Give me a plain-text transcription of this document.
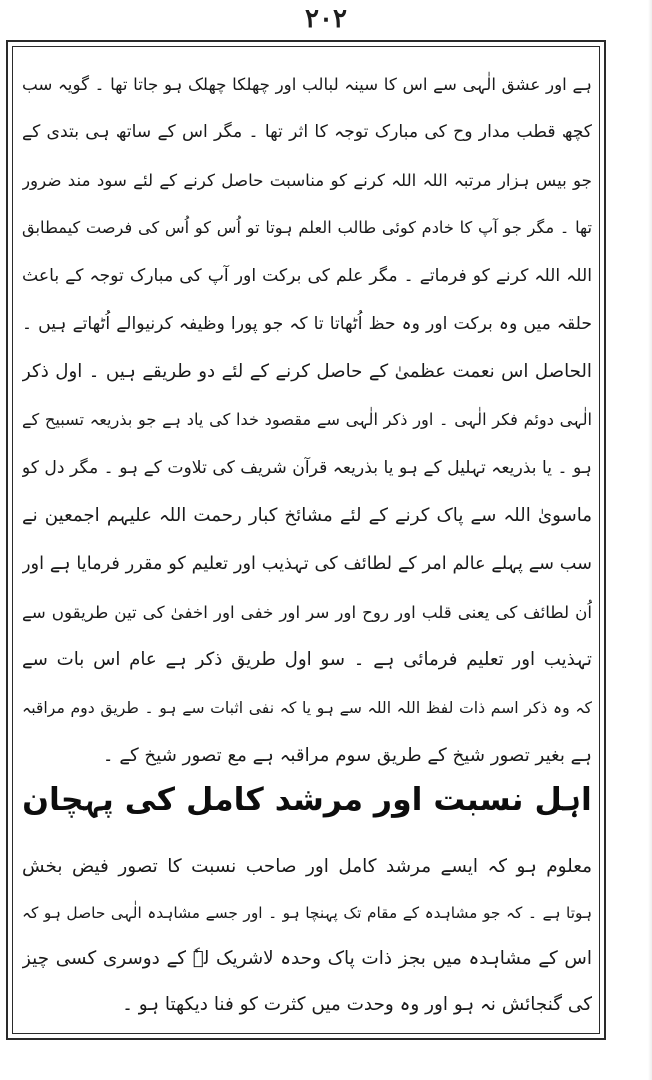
۲۰۲
ہے اور عشق الٰہی سے اس کا سینہ لبالب اور چھلکا چھلک ہو جاتا تھا ۔ گویہ سب
کچھ قطب مدار وح کی مبارک توجہ کا اثر تھا ۔ مگر اس کے ساتھ ہی بتدی کے
جو بیس ہزار مرتبہ اللہ اللہ کرنے کو مناسبت حاصل کرنے کے لئے سود مند ضرور
تھا ۔ مگر جو آپ کا خادم کوئی طالب العلم ہوتا تو اُس کو اُس کی فرصت کیمطابق
اللہ اللہ کرنے کو فرماتے ۔ مگر علم کی برکت اور آپ کی مبارک توجہ کے باعث
حلقہ میں وہ برکت اور وہ حظ اُٹھاتا تا کہ جو پورا وظیفہ کرنیوالے اُٹھاتے ہیں ۔
الحاصل اس نعمت عظمیٰ کے حاصل کرنے کے لئے دو طریقے ہیں ۔ اول ذکر
الٰہی دوئم فکر الٰہی ۔ اور ذکر الٰہی سے مقصود خدا کی یاد ہے جو بذریعہ تسبیح کے
ہو ۔ یا بذریعہ تہلیل کے ہو یا بذریعہ قرآن شریف کی تلاوت کے ہو ۔ مگر دل کو
ماسویٰ اللہ سے پاک کرنے کے لئے مشائخ کبار رحمت اللہ علیہم اجمعین نے
سب سے پہلے عالم امر کے لطائف کی تہذیب اور تعلیم کو مقرر فرمایا ہے اور
اُن لطائف کی یعنی قلب اور روح اور سر اور خفی اور اخفیٰ کی تین طریقوں سے
تہذیب اور تعلیم فرمائی ہے ۔ سو اول طریق ذکر ہے عام اس بات سے
کہ وہ ذکر اسم ذات لفظ اللہ اللہ سے ہو یا کہ نفی اثبات سے ہو ۔ طریق دوم مراقبہ
ہے بغیر تصور شیخ کے طریق سوم مراقبہ ہے مع تصور شیخ کے ۔
اہل نسبت اور مرشد کامل کی پہچان
معلوم ہو کہ ایسے مرشد کامل اور صاحب نسبت کا تصور فیض بخش
ہوتا ہے ۔ کہ جو مشاہدہ کے مقام تک پہنچا ہو ۔ اور جسے مشاہدہ الٰہی حاصل ہو کہ
اس کے مشاہدہ میں بجز ذات پاک وحدہ لاشریک لہٗ کے دوسری کسی چیز
کی گنجائش نہ ہو اور وہ وحدت میں کثرت کو فنا دیکھتا ہو ۔
